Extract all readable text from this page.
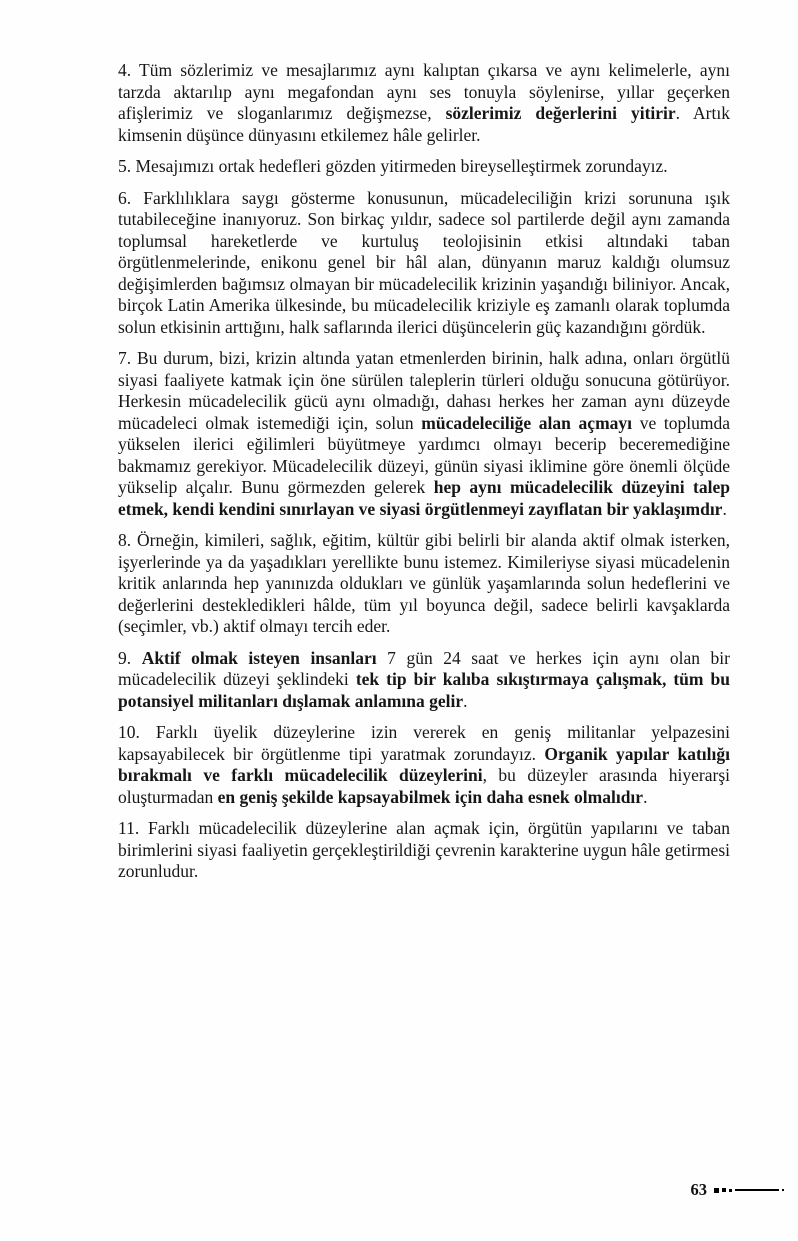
4. Tüm sözlerimiz ve mesajlarımız aynı kalıptan çıkarsa ve aynı kelimelerle, aynı tarzda aktarılıp aynı megafondan aynı ses tonuyla söylenirse, yıllar geçerken afişlerimiz ve sloganlarımız değişmezse, sözlerimiz değerlerini yitirir. Artık kimsenin düşünce dünyasını etkilemez hâle gelirler.

5. Mesajımızı ortak hedefleri gözden yitirmeden bireyselleştirmek zorundayız.

6. Farklılıklara saygı gösterme konusunun, mücadeleciliğin krizi sorununa ışık tutabileceğine inanıyoruz. Son birkaç yıldır, sadece sol partilerde değil aynı zamanda toplumsal hareketlerde ve kurtuluş teolojisinin etkisi altındaki taban örgütlenmelerinde, enikonu genel bir hâl alan, dünyanın maruz kaldığı olumsuz değişimlerden bağımsız olmayan bir mücadelecilik krizinin yaşandığı biliniyor. Ancak, birçok Latin Amerika ülkesinde, bu mücadelecilik kriziyle eş zamanlı olarak toplumda solun etkisinin arttığını, halk saflarında ilerici düşüncelerin güç kazandığını gördük.

7. Bu durum, bizi, krizin altında yatan etmenlerden birinin, halk adına, onları örgütlü siyasi faaliyete katmak için öne sürülen taleplerin türleri olduğu sonucuna götürüyor. Herkesin mücadelecilik gücü aynı olmadığı, dahası herkes her zaman aynı düzeyde mücadeleci olmak istemediği için, solun mücadeleciliğe alan açmayı ve toplumda yükselen ilerici eğilimleri büyütmeye yardımcı olmayı becerip beceremediğine bakmamız gerekiyor. Mücadelecilik düzeyi, günün siyasi iklimine göre önemli ölçüde yükselip alçalır. Bunu görmezden gelerek hep aynı mücadelecilik düzeyini talep etmek, kendi kendini sınırlayan ve siyasi örgütlenmeyi zayıflatan bir yaklaşımdır.

8. Örneğin, kimileri, sağlık, eğitim, kültür gibi belirli bir alanda aktif olmak isterken, işyerlerinde ya da yaşadıkları yerellikte bunu istemez. Kimileriyse siyasi mücadelenin kritik anlarında hep yanınızda oldukları ve günlük yaşamlarında solun hedeflerini ve değerlerini destekledikleri hâlde, tüm yıl boyunca değil, sadece belirli kavşaklarda (seçimler, vb.) aktif olmayı tercih eder.

9. Aktif olmak isteyen insanları 7 gün 24 saat ve herkes için aynı olan bir mücadelecilik düzeyi şeklindeki tek tip bir kalıba sıkıştırmaya çalışmak, tüm bu potansiyel militanları dışlamak anlamına gelir.

10. Farklı üyelik düzeylerine izin vererek en geniş militanlar yelpazesini kapsayabilecek bir örgütlenme tipi yaratmak zorundayız. Organik yapılar katılığı bırakmalı ve farklı mücadelecilik düzeylerini, bu düzeyler arasında hiyerarşi oluşturmadan en geniş şekilde kapsayabilmek için daha esnek olmalıdır.

11. Farklı mücadelecilik düzeylerine alan açmak için, örgütün yapılarını ve taban birimlerini siyasi faaliyetin gerçekleştirildiği çevrenin karakterine uygun hâle getirmesi zorunludur.

63
